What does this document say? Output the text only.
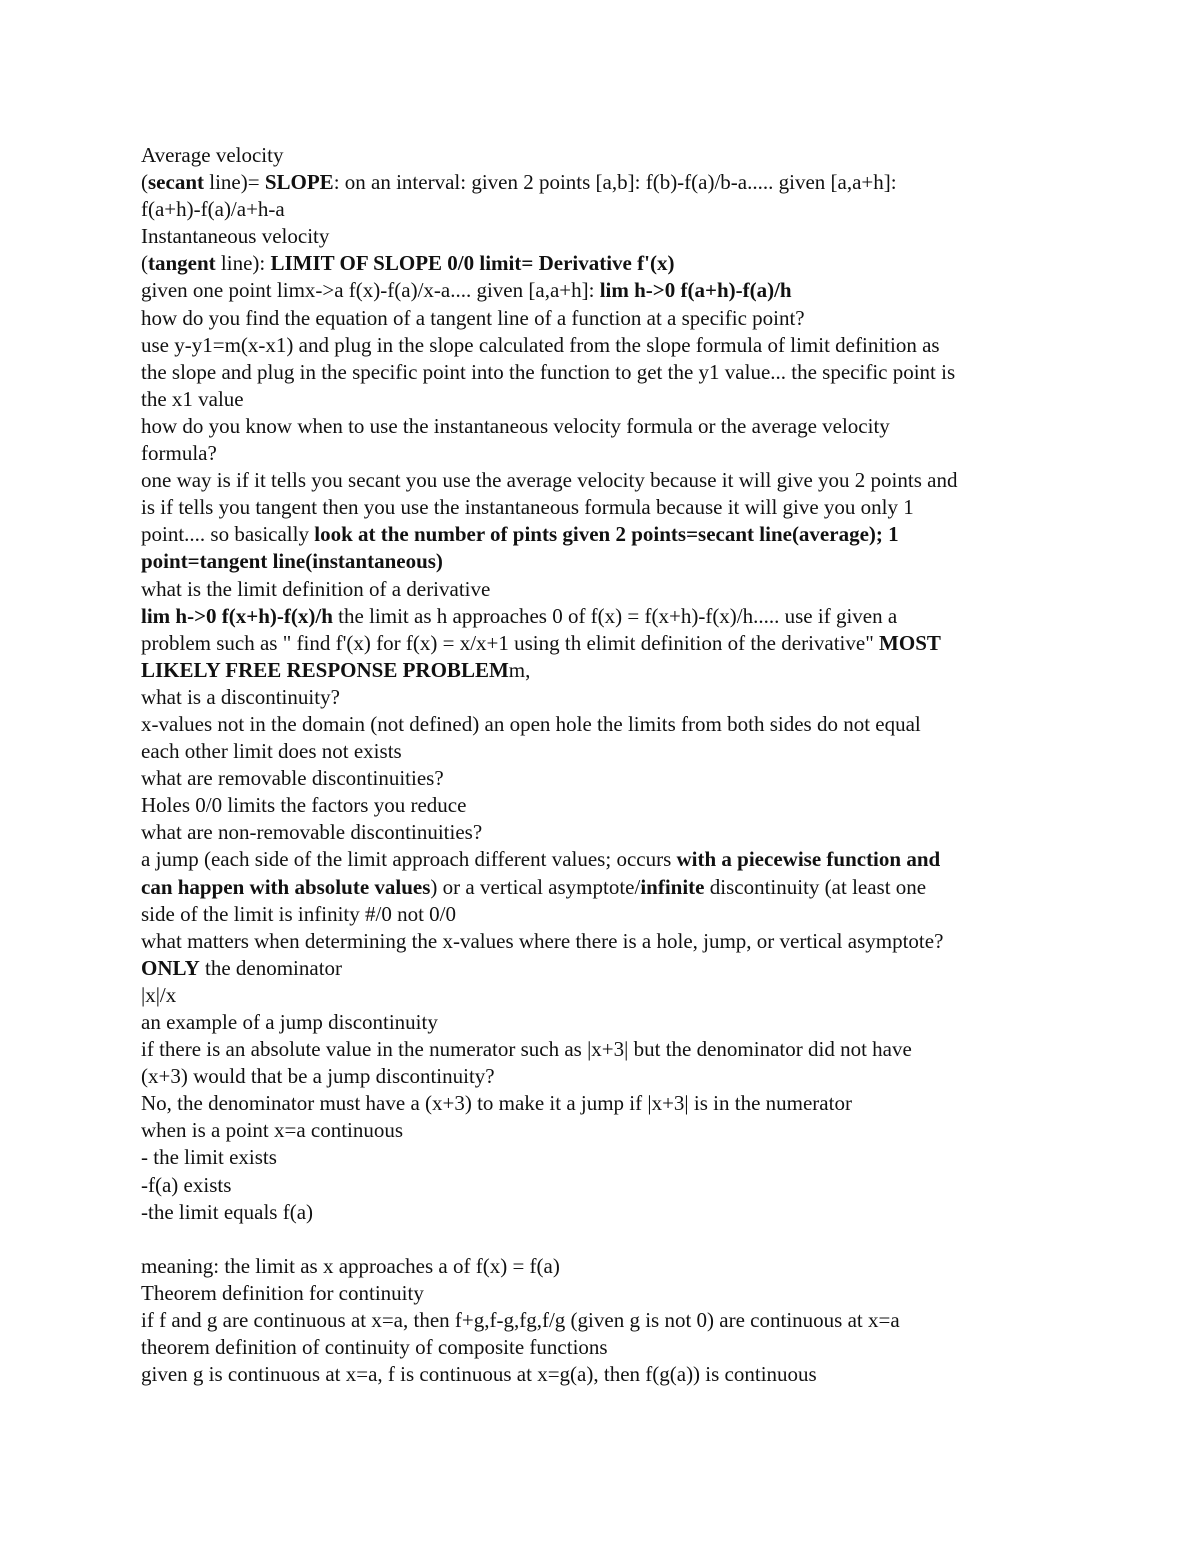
Average velocity
(secant line)= SLOPE: on an interval: given 2 points [a,b]: f(b)-f(a)/b-a..... given [a,a+h]:
f(a+h)-f(a)/a+h-a
Instantaneous velocity
(tangent line): LIMIT OF SLOPE 0/0 limit= Derivative f'(x)
given one point limx->a f(x)-f(a)/x-a.... given [a,a+h]: lim h->0 f(a+h)-f(a)/h
how do you find the equation of a tangent line of a function at a specific point?
use y-y1=m(x-x1) and plug in the slope calculated from the slope formula of limit definition as
the slope and plug in the specific point into the function to get the y1 value... the specific point is
the x1 value
how do you know when to use the instantaneous velocity formula or the average velocity
formula?
one way is if it tells you secant you use the average velocity because it will give you 2 points and
is if tells you tangent then you use the instantaneous formula because it will give you only 1
point.... so basically look at the number of pints given 2 points=secant line(average); 1
point=tangent line(instantaneous)
what is the limit definition of a derivative
lim h->0 f(x+h)-f(x)/h the limit as h approaches 0 of f(x) = f(x+h)-f(x)/h..... use if given a
problem such as " find f'(x) for f(x) = x/x+1 using th elimit definition of the derivative" MOST
LIKELY FREE RESPONSE PROBLEMm,
what is a discontinuity?
x-values not in the domain (not defined) an open hole the limits from both sides do not equal
each other limit does not exists
what are removable discontinuities?
Holes 0/0 limits the factors you reduce
what are non-removable discontinuities?
a jump (each side of the limit approach different values; occurs with a piecewise function and
can happen with absolute values) or a vertical asymptote/infinite discontinuity (at least one
side of the limit is infinity #/0 not 0/0
what matters when determining the x-values where there is a hole, jump, or vertical asymptote?
ONLY the denominator
|x|/x
an example of a jump discontinuity
if there is an absolute value in the numerator such as |x+3| but the denominator did not have
(x+3) would that be a jump discontinuity?
No, the denominator must have a (x+3) to make it a jump if |x+3| is in the numerator
when is a point x=a continuous
- the limit exists
-f(a) exists
-the limit equals f(a)
meaning: the limit as x approaches a of f(x) = f(a)
Theorem definition for continuity
if f and g are continuous at x=a, then f+g,f-g,fg,f/g (given g is not 0) are continuous at x=a
theorem definition of continuity of composite functions
given g is continuous at x=a, f is continuous at x=g(a), then f(g(a)) is continuous
